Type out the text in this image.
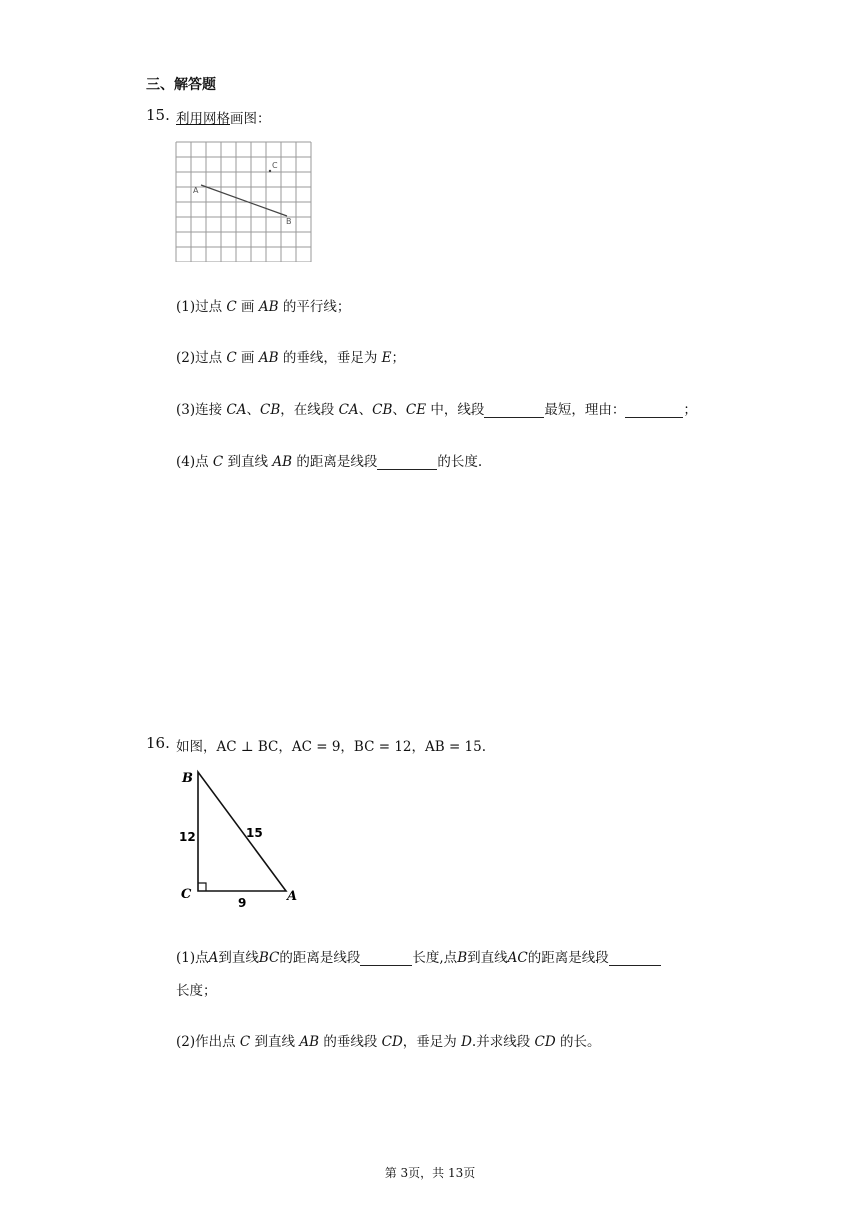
三、解答题
15. 利用网格画图：
A
B
C
(1)过点 C 画 AB 的平行线；
(2)过点 C 画 AB 的垂线，垂足为 E；
(3)连接 CA、CB，在线段 CA、CB、CE 中，线段	最短，理由：	；
(4)点 C 到直线 AB 的距离是线段	的长度.
16. 如图，AC ⊥ BC，AC = 9，BC = 12，AB = 15.
B
C	A
12	15
9
(1)点A到直线BC的距离是线段	长度,点B到直线AC的距离是线段
长度；
(2)作出点 C 到直线 AB 的垂线段 CD，垂足为 D.并求线段 CD 的长。
第 3页，共 13页
